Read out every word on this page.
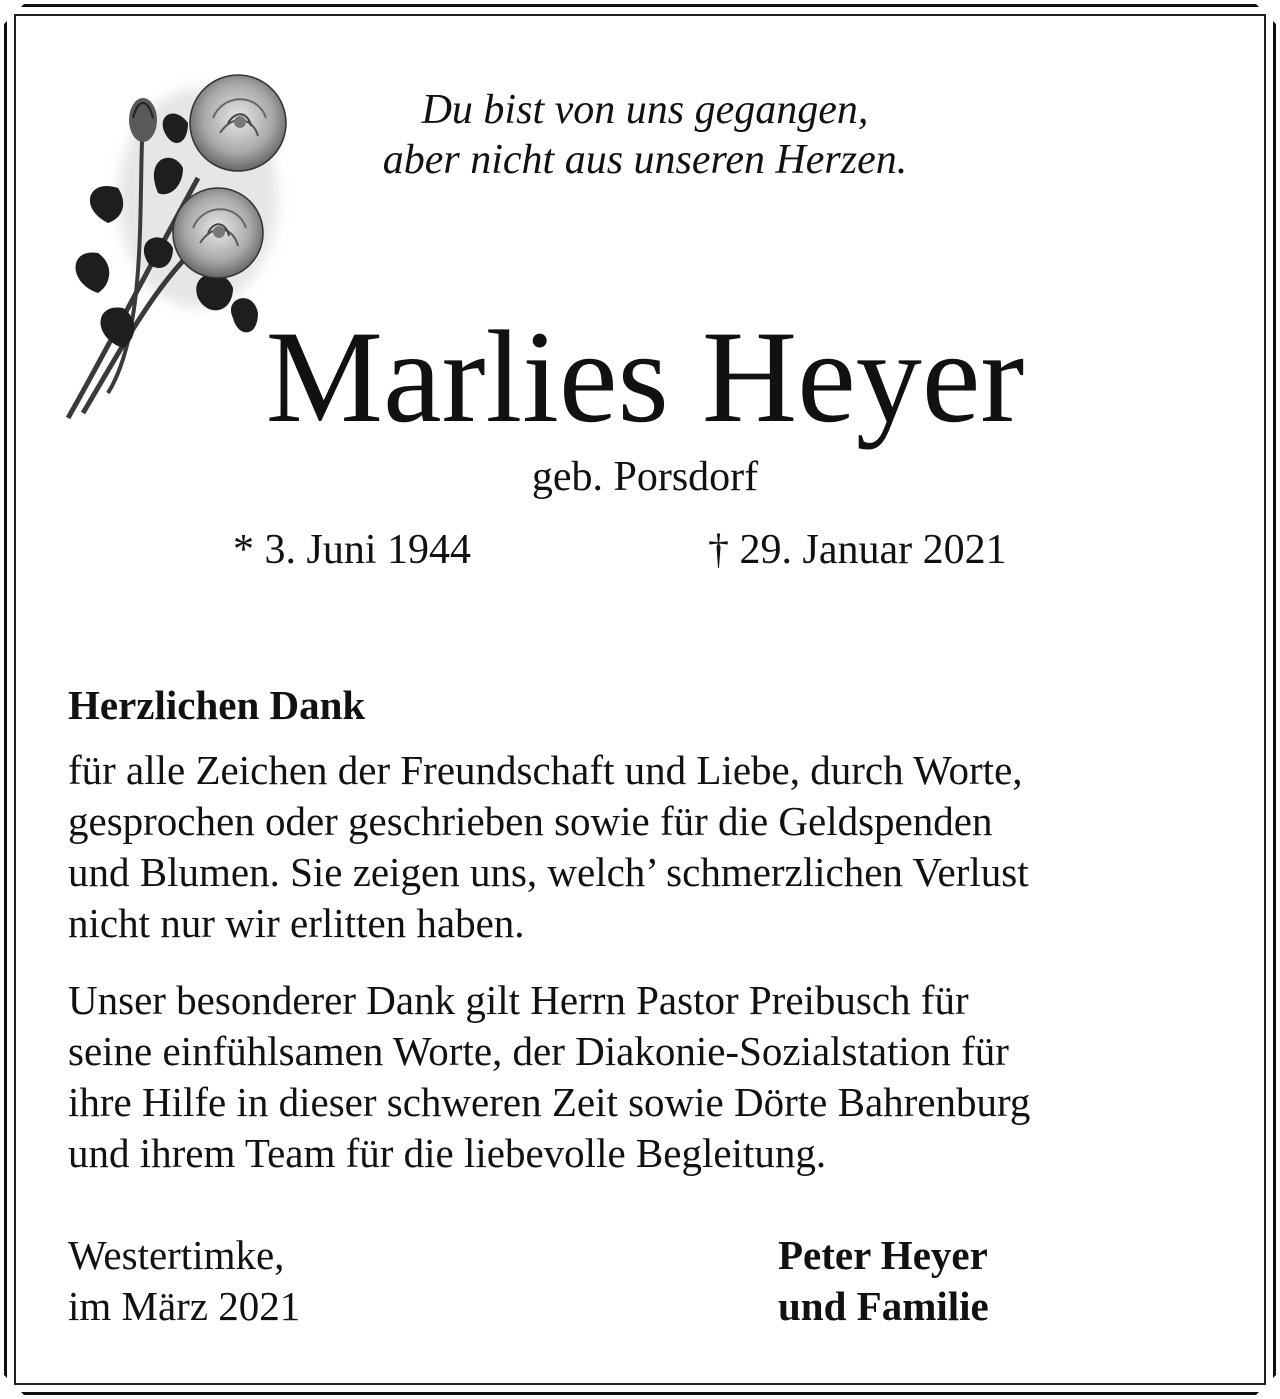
Du bist von uns gegangen,
aber nicht aus unseren Herzen.
Marlies Heyer
geb. Porsdorf
* 3. Juni 1944	† 29. Januar 2021
Herzlichen Dank
für alle Zeichen der Freundschaft und Liebe, durch Worte,
gesprochen oder geschrieben sowie für die Geldspenden
und Blumen. Sie zeigen uns, welch’ schmerzlichen Verlust
nicht nur wir erlitten haben.
Unser besonderer Dank gilt Herrn Pastor Preibusch für
seine einfühlsamen Worte, der Diakonie-Sozialstation für
ihre Hilfe in dieser schweren Zeit sowie Dörte Bahrenburg
und ihrem Team für die liebevolle Begleitung.
Westertimke,
im März 2021
Peter Heyer
und Familie
